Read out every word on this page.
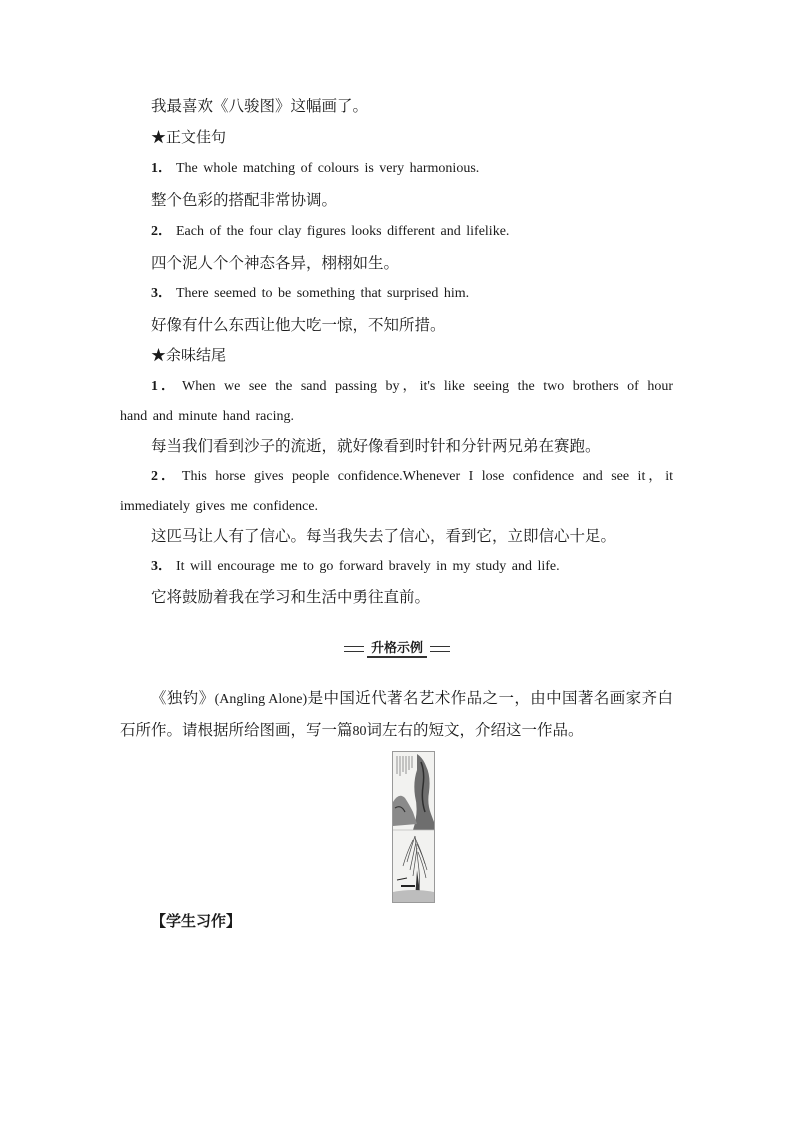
我最喜欢《八骏图》这幅画了。
★正文佳句
1． The whole matching of colours is very harmonious.
整个色彩的搭配非常协调。
2． Each of the four clay figures looks different and lifelike.
四个泥人个个神态各异，栩栩如生。
3． There seemed to be something that surprised him.
好像有什么东西让他大吃一惊，不知所措。
★余味结尾
1． When we see the sand passing by，it's like seeing the two brothers of hour
hand and minute hand racing.
每当我们看到沙子的流逝，就好像看到时针和分针两兄弟在赛跑。
2． This horse gives people confidence.Whenever I lose confidence and see it，it
immediately gives me confidence.
这匹马让人有了信心。每当我失去了信心，看到它，立即信心十足。
3． It will encourage me to go forward bravely in my study and life.
它将鼓励着我在学习和生活中勇往直前。
升格示例
《独钓》(Angling Alone)是中国近代著名艺术作品之一，由中国著名画家齐白石所作。请根据所给图画，写一篇80词左右的短文，介绍这一作品。
【学生习作】
